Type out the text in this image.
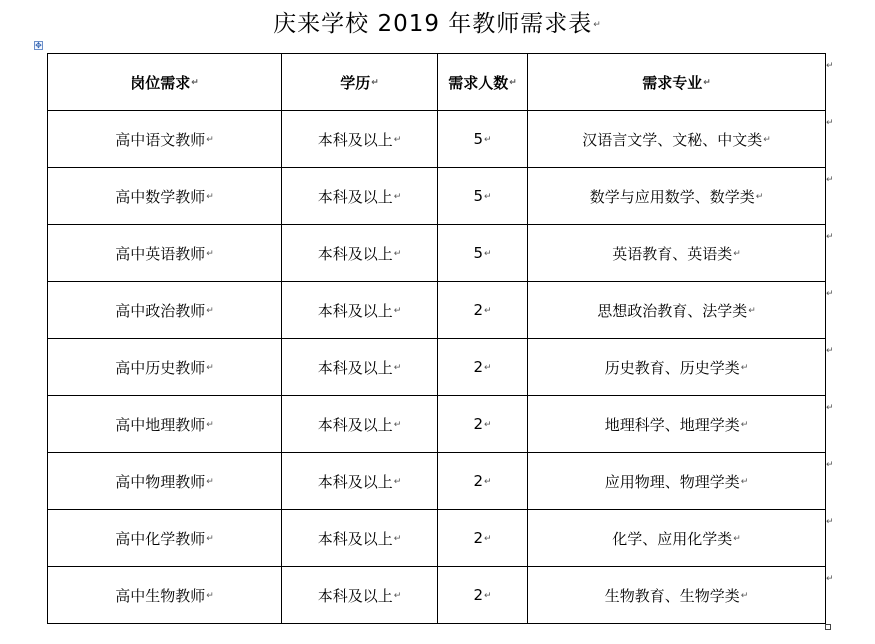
庆来学校 2019 年教师需求表↵
✥
岗位需求↵	学历↵	需求人数↵	需求专业↵
高中语文教师↵	本科及以上↵	5↵	汉语言文学、文秘、中文类↵
高中数学教师↵	本科及以上↵	5↵	数学与应用数学、数学类↵
高中英语教师↵	本科及以上↵	5↵	英语教育、英语类↵
高中政治教师↵	本科及以上↵	2↵	思想政治教育、法学类↵
高中历史教师↵	本科及以上↵	2↵	历史教育、历史学类↵
高中地理教师↵	本科及以上↵	2↵	地理科学、地理学类↵
高中物理教师↵	本科及以上↵	2↵	应用物理、物理学类↵
高中化学教师↵	本科及以上↵	2↵	化学、应用化学类↵
高中生物教师↵	本科及以上↵	2↵	生物教育、生物学类↵
↵
↵
↵
↵
↵
↵
↵
↵
↵
↵
